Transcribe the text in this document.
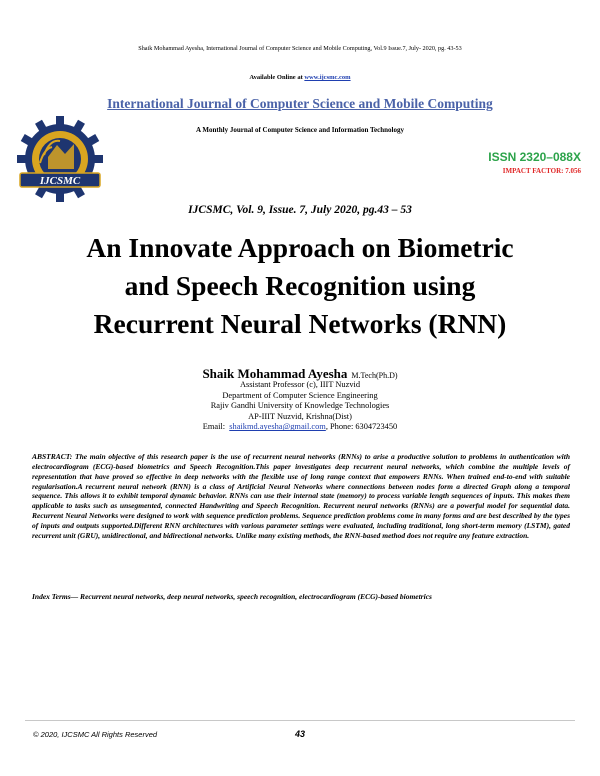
Shaik Mohammad Ayesha, International Journal of Computer Science and Mobile Computing, Vol.9 Issue.7, July- 2020, pg. 43-53
Available Online at www.ijcsmc.com
International Journal of Computer Science and Mobile Computing
A Monthly Journal of Computer Science and Information Technology
IJCSMC
ISSN 2320–088X
IMPACT FACTOR: 7.056
IJCSMC, Vol. 9, Issue. 7, July 2020, pg.43 – 53
An Innovate Approach on Biometric
and Speech Recognition using
Recurrent Neural Networks (RNN)
Shaik Mohammad Ayesha M.Tech(Ph.D)
Assistant Professor (c), IIIT Nuzvid
Department of Computer Science Engineering
Rajiv Gandhi University of Knowledge Technologies
AP-IIIT Nuzvid, Krishna(Dist)
Email: shaikmd.ayesha@gmail.com, Phone: 6304723450
ABSTRACT: The main objective of this research paper is the use of recurrent neural networks (RNNs) to arise a productive solution to problems in authentication with electrocardiogram (ECG)-based biometrics and Speech Recognition.This paper investigates deep recurrent neural networks, which combine the multiple levels of representation that have proved so effective in deep networks with the flexible use of long range context that empowers RNNs. When trained end-to-end with suitable regularisation.A recurrent neural network (RNN) is a class of Artificial Neural Networks where connections between nodes form a directed Graph along a temporal sequence. This allows it to exhibit temporal dynamic behavior. RNNs can use their internal state (memory) to process variable length sequences of inputs. This makes them applicable to tasks such as unsegmented, connected Handwriting and Speech Recognition. Recurrent neural networks (RNNs) are a powerful model for sequential data. Recurrent Neural Networks were designed to work with sequence prediction problems. Sequence prediction problems come in many forms and are best described by the types of inputs and outputs supported.Different RNN architectures with various parameter settings were evaluated, including traditional, long short-term memory (LSTM), gated recurrent unit (GRU), unidirectional, and bidirectional networks. Unlike many existing methods, the RNN-based method does not require any feature extraction.
Index Terms— Recurrent neural networks, deep neural networks, speech recognition, electrocardiogram (ECG)-based biometrics
© 2020, IJCSMC All Rights Reserved	43
